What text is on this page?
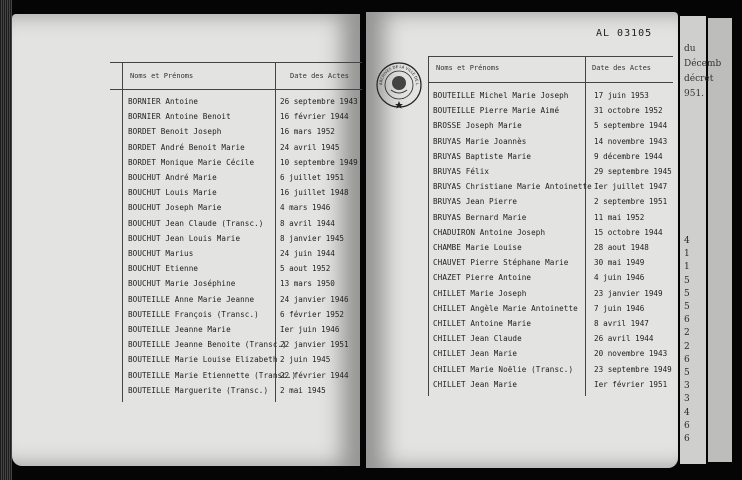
Noms et Prénoms	Date des Actes
BORNIER Antoine	26 septembre 1943
BORNIER Antoine Benoit	16 février 1944
BORDET Benoit Joseph	16 mars 1952
BORDET André Benoit Marie	24 avril 1945
BORDET Monique Marie Cécile	10 septembre 1949
BOUCHUT André Marie	6 juillet 1951
BOUCHUT Louis Marie	16 juillet 1948
BOUCHUT Joseph Marie	4 mars 1946
BOUCHUT Jean Claude (Transc.) 8 avril 1944
BOUCHUT Jean Louis Marie	8 janvier 1945
BOUCHUT Marius	24 juin 1944
BOUCHUT Etienne	5 aout 1952
BOUCHUT Marie Joséphine	13 mars 1950
BOUTEILLE Anne Marie Jeanne	24 janvier 1946
BOUTEILLE François (Transc.)	6 février 1952
BOUTEILLE Jeanne Marie	Ier juin 1946
BOUTEILLE Jeanne Benoite (Transc.)
22 janvier 1951
BOUTEILLE Marie Louise Elizabeth 2 juin 1945
BOUTEILLE Marie Etiennette (Transc.)
22 février 1944
BOUTEILLE Marguerite (Transc.) 2 mai 1945
Noms et Prénoms	Date des Actes
BOUTEILLE Michel Marie Joseph	17 juin 1953
BOUTEILLE Pierre Marie Aimé	31 octobre 1952
BROSSE Joseph Marie	5 septembre 1944
BRUYAS Marie Joannès	14 novembre 1943
BRUYAS Baptiste Marie	9 décembre 1944
BRUYAS Félix	29 septembre 1945
BRUYAS Christiane Marie Antoinette Ier juillet 1947
BRUYAS Jean Pierre	2 septembre 1951
BRUYAS Bernard Marie	11 mai 1952
CHADUIRON Antoine Joseph	15 octobre 1944
CHAMBE Marie Louise	28 aout 1948
CHAUVET Pierre Stéphane Marie	30 mai 1949
CHAZET Pierre Antoine	4 juin 1946
CHILLET Marie Joseph	23 janvier 1949
CHILLET Angèle Marie Antoinette 7 juin 1946
CHILLET Antoine Marie	8 avril 1947
CHILLET Jean Claude	26 avril 1944
CHILLET Jean Marie	20 novembre 1943
CHILLET Marie Noëlie (Transc.)	23 septembre 1949
CHILLET Jean Marie	Ier février 1951
AL 03105
ARCHIVES DE LA VILLE DE L
du
Décemb
décret
951.
4
1
1
5
5
5
6
2
2
6
5
3
3
4
6
6
